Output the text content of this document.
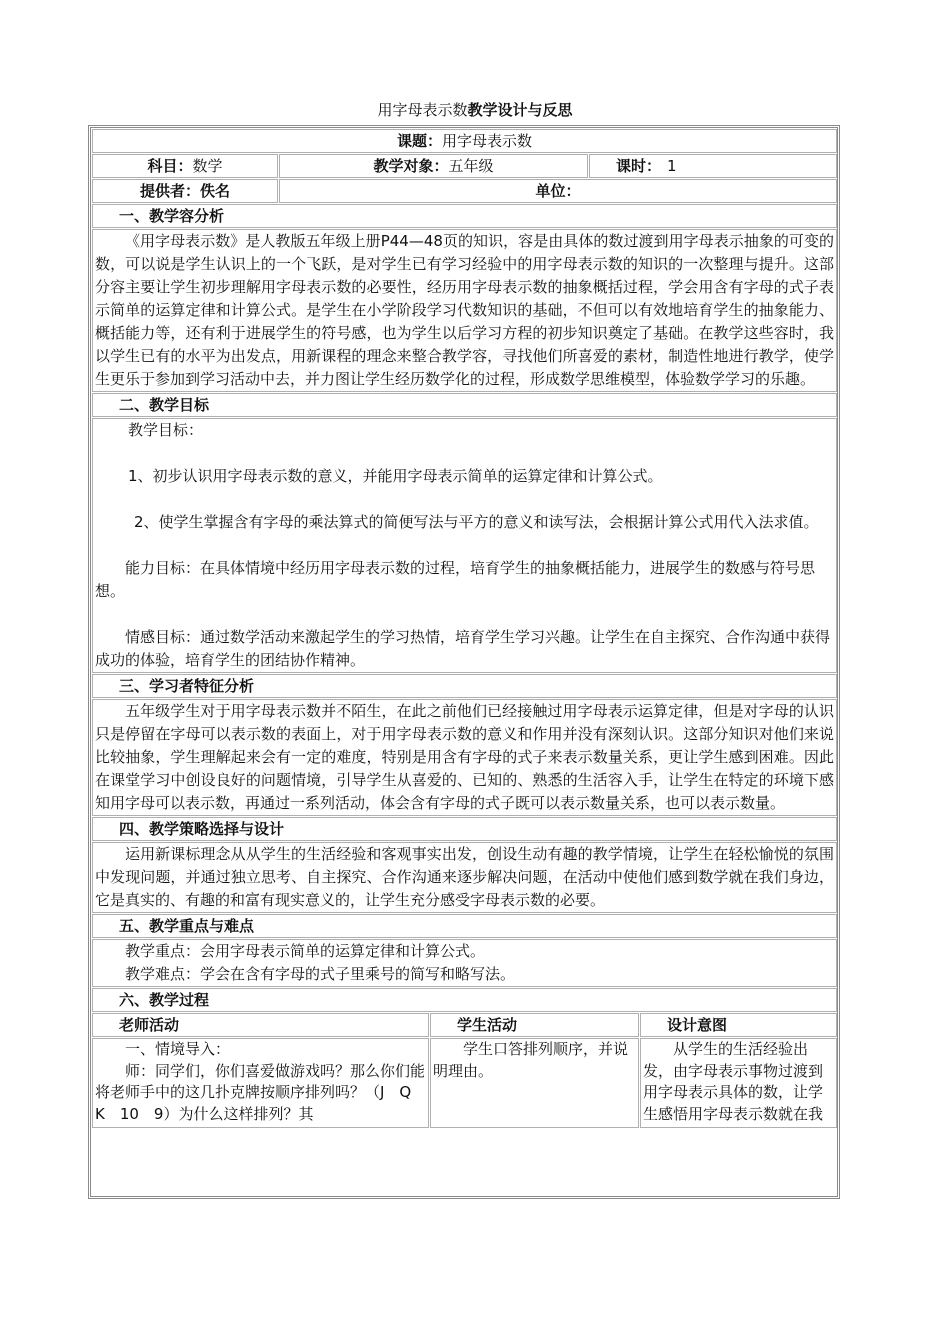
用字母表示数教学设计与反思
课题：用字母表示数				
科目：数学	教学对象：五年级		课时： 1	
提供者：佚名	单位：			
一、教学容分析				

《用字母表示数》是人教版五年级上册P44—48页的知识，容是由具体的数过渡到用字母表示抽象的可变的数，可以说是学生认识上的一个飞跃，是对学生已有学习经验中的用字母表示数的知识的一次整理与提升。这部分容主要让学生初步理解用字母表示数的必要性，经历用字母表示数的抽象概括过程，学会用含有字母的式子表示简单的运算定律和计算公式。是学生在小学阶段学习代数知识的基础，不但可以有效地培育学生的抽象能力、概括能力等，还有利于进展学生的符号感，也为学生以后学习方程的初步知识奠定了基础。在教学这些容时，我以学生已有的水平为出发点，用新课程的理念来整合教学容，寻找他们所喜爱的素材，制造性地进行教学，使学生更乐于参加到学习活动中去，并力图让学生经历数学化的过程，形成数学思维模型，体验数学学习的乐趣。				

二、教学目标				

教学目标：

1、初步认识用字母表示数的意义，并能用字母表示简单的运算定律和计算公式。

2、使学生掌握含有字母的乘法算式的简便写法与平方的意义和读写法，会根据计算公式用代入法求值。

能力目标：在具体情境中经历用字母表示数的过程，培育学生的抽象概括能力，进展学生的数感与符号思想。

情感目标：通过数学活动来激起学生的学习热情，培育学生学习兴趣。让学生在自主探究、合作沟通中获得成功的体验，培育学生的团结协作精神。				

三、学习者特征分析				

五年级学生对于用字母表示数并不陌生，在此之前他们已经接触过用字母表示运算定律，但是对字母的认识只是停留在字母可以表示数的表面上，对于用字母表示数的意义和作用并没有深刻认识。这部分知识对他们来说比较抽象，学生理解起来会有一定的难度，特别是用含有字母的式子来表示数量关系，更让学生感到困难。因此在课堂学习中创设良好的问题情境，引导学生从喜爱的、已知的、熟悉的生活容入手，让学生在特定的环境下感知用字母可以表示数，再通过一系列活动，体会含有字母的式子既可以表示数量关系，也可以表示数量。				

四、教学策略选择与设计				

运用新课标理念从从学生的生活经验和客观事实出发，创设生动有趣的教学情境，让学生在轻松愉悦的氛围中发现问题，并通过独立思考、自主探究、合作沟通来逐步解决问题，在活动中使他们感到数学就在我们身边，它是真实的、有趣的和富有现实意义的，让学生充分感受字母表示数的必要。				

五、教学重点与难点				

教学重点：会用字母表示简单的运算定律和计算公式。

教学难点：学会在含有字母的式子里乘号的简写和略写法。				

六、教学过程				
老师活动		学生活动		设计意图

一、情境导入：

师：同学们，你们喜爱做游戏吗？那么你们能将老师手中的这几扑克牌按顺序排列吗？（J　Q　K　10　9）为什么这样排列？其		学生口答排列顺序，并说明理由。		从学生的生活经验出发，由字母表示事物过渡到用字母表示具体的数，让学生感悟用字母表示数就在我
